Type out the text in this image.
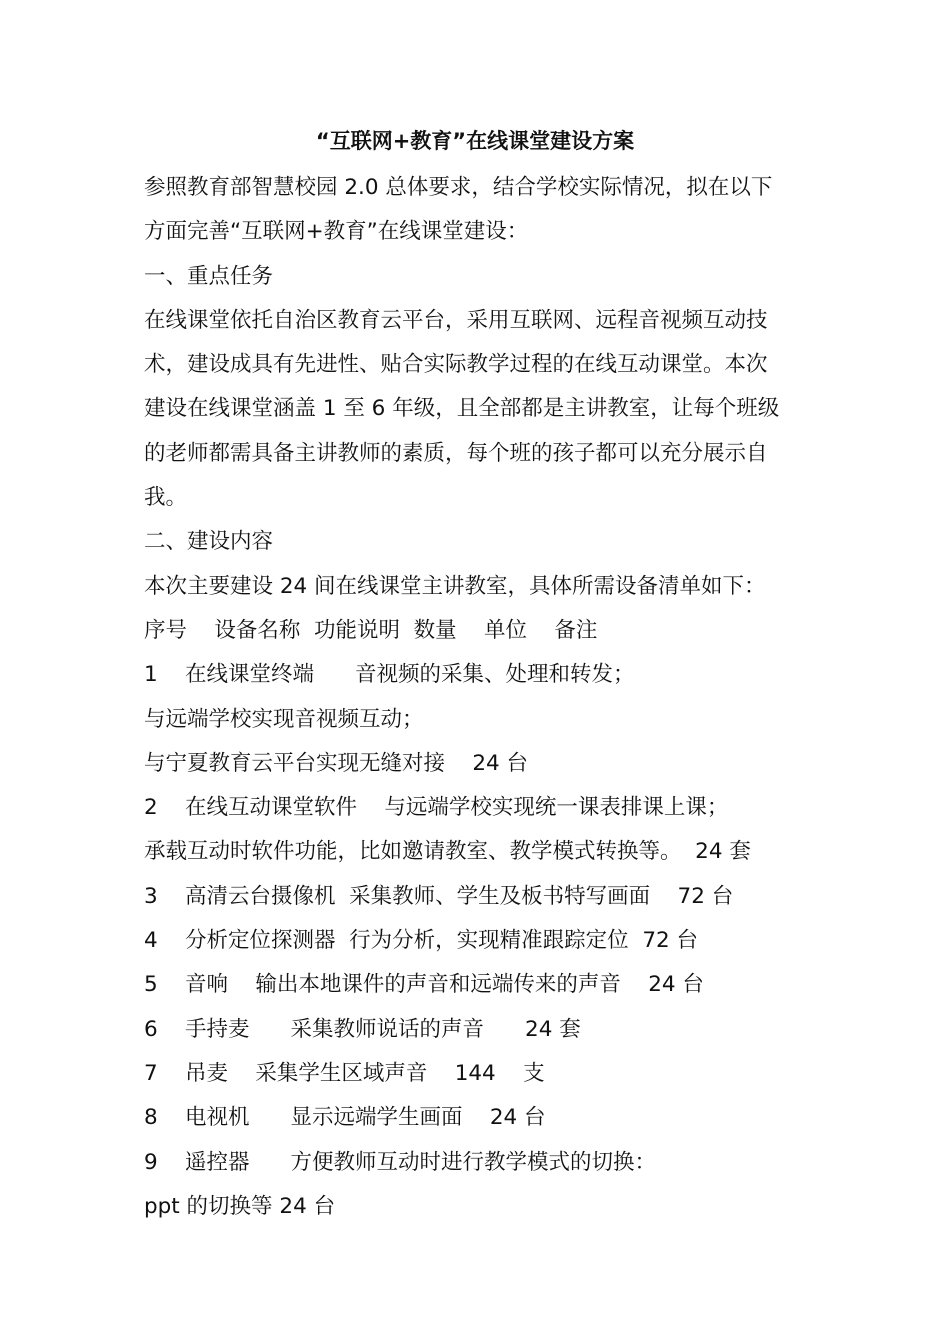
“互联网+教育”在线课堂建设方案
参照教育部智慧校园 2.0 总体要求，结合学校实际情况，拟在以下
方面完善“互联网+教育”在线课堂建设：
一、重点任务
在线课堂依托自治区教育云平台，采用互联网、远程音视频互动技
术，建设成具有先进性、贴合实际教学过程的在线互动课堂。本次
建设在线课堂涵盖 1 至 6 年级，且全部都是主讲教室，让每个班级
的老师都需具备主讲教师的素质，每个班的孩子都可以充分展示自
我。
二、建设内容
本次主要建设 24 间在线课堂主讲教室，具体所需设备清单如下：
序号    设备名称  功能说明  数量    单位    备注
1    在线课堂终端      音视频的采集、处理和转发；
与远端学校实现音视频互动；
与宁夏教育云平台实现无缝对接    24 台
2    在线互动课堂软件    与远端学校实现统一课表排课上课；
承载互动时软件功能，比如邀请教室、教学模式转换等。  24 套
3    高清云台摄像机  采集教师、学生及板书特写画面    72 台
4    分析定位探测器  行为分析，实现精准跟踪定位  72 台
5    音响    输出本地课件的声音和远端传来的声音    24 台
6    手持麦      采集教师说话的声音      24 套
7    吊麦    采集学生区域声音    144    支
8    电视机      显示远端学生画面    24 台
9    遥控器      方便教师互动时进行教学模式的切换：
ppt 的切换等 24 台
